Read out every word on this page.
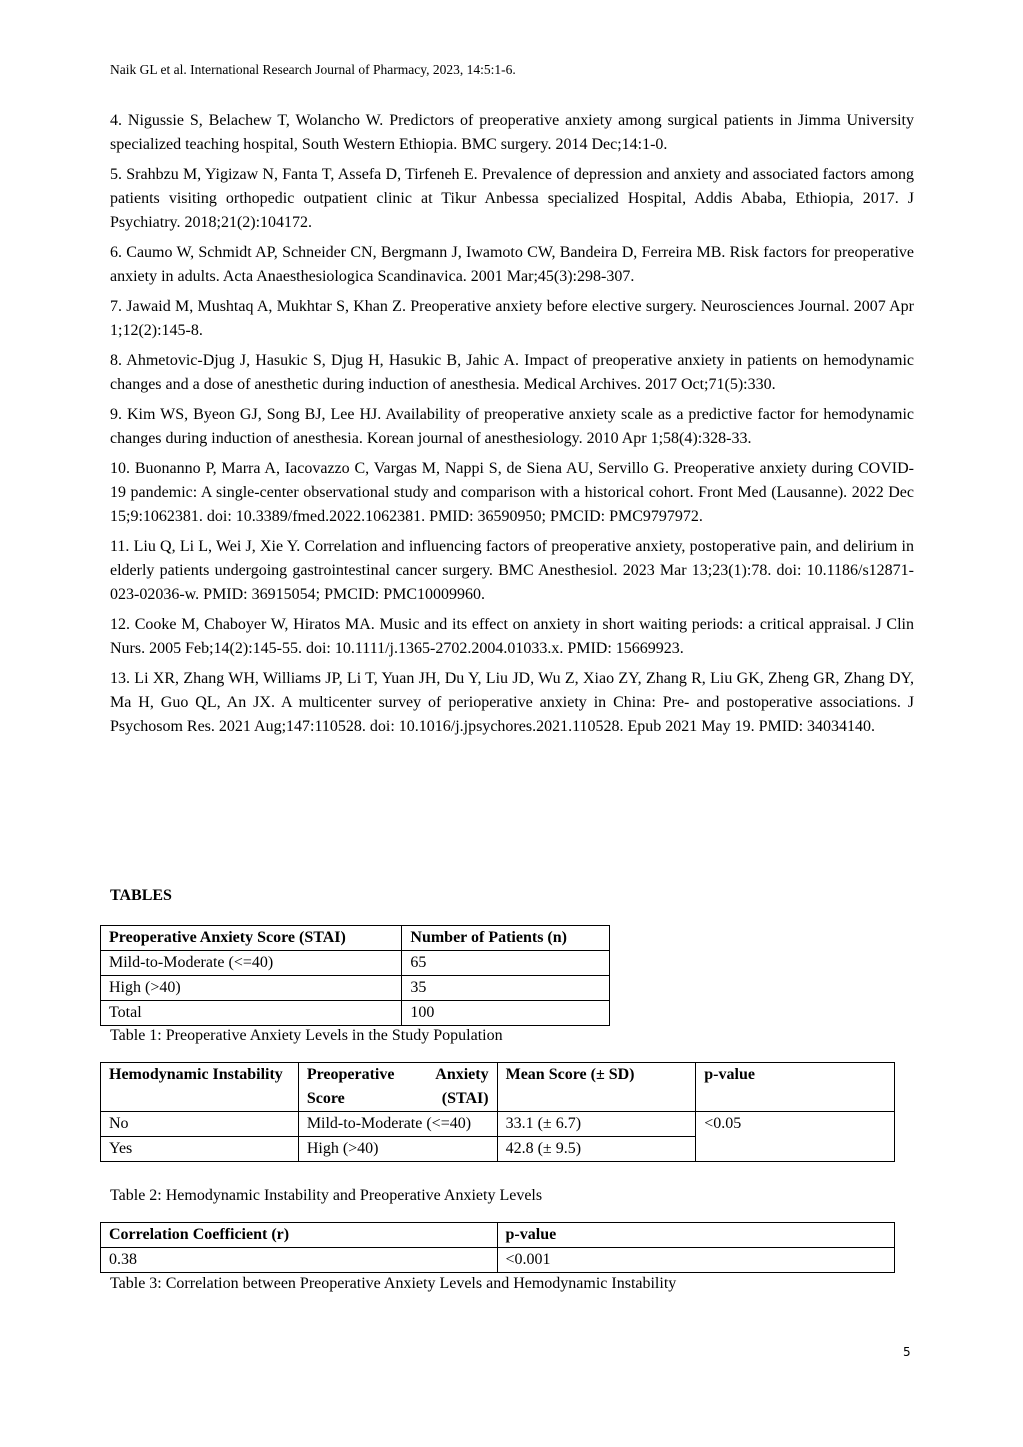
Naik GL et al. International Research Journal of Pharmacy, 2023, 14:5:1-6.

4. Nigussie S, Belachew T, Wolancho W. Predictors of preoperative anxiety among surgical patients in Jimma University specialized teaching hospital, South Western Ethiopia. BMC surgery. 2014 Dec;14:1-0.

5. Srahbzu M, Yigizaw N, Fanta T, Assefa D, Tirfeneh E. Prevalence of depression and anxiety and associated factors among patients visiting orthopedic outpatient clinic at Tikur Anbessa specialized Hospital, Addis Ababa, Ethiopia, 2017. J Psychiatry. 2018;21(2):104172.

6. Caumo W, Schmidt AP, Schneider CN, Bergmann J, Iwamoto CW, Bandeira D, Ferreira MB. Risk factors for preoperative anxiety in adults. Acta Anaesthesiologica Scandinavica. 2001 Mar;45(3):298-307.

7. Jawaid M, Mushtaq A, Mukhtar S, Khan Z. Preoperative anxiety before elective surgery. Neurosciences Journal. 2007 Apr 1;12(2):145-8.

8. Ahmetovic-Djug J, Hasukic S, Djug H, Hasukic B, Jahic A. Impact of preoperative anxiety in patients on hemodynamic changes and a dose of anesthetic during induction of anesthesia. Medical Archives. 2017 Oct;71(5):330.

9. Kim WS, Byeon GJ, Song BJ, Lee HJ. Availability of preoperative anxiety scale as a predictive factor for hemodynamic changes during induction of anesthesia. Korean journal of anesthesiology. 2010 Apr 1;58(4):328-33.

10. Buonanno P, Marra A, Iacovazzo C, Vargas M, Nappi S, de Siena AU, Servillo G. Preoperative anxiety during COVID-19 pandemic: A single-center observational study and comparison with a historical cohort. Front Med (Lausanne). 2022 Dec 15;9:1062381. doi: 10.3389/fmed.2022.1062381. PMID: 36590950; PMCID: PMC9797972.

11. Liu Q, Li L, Wei J, Xie Y. Correlation and influencing factors of preoperative anxiety, postoperative pain, and delirium in elderly patients undergoing gastrointestinal cancer surgery. BMC Anesthesiol. 2023 Mar 13;23(1):78. doi: 10.1186/s12871-023-02036-w. PMID: 36915054; PMCID: PMC10009960.

12. Cooke M, Chaboyer W, Hiratos MA. Music and its effect on anxiety in short waiting periods: a critical appraisal. J Clin Nurs. 2005 Feb;14(2):145-55. doi: 10.1111/j.1365-2702.2004.01033.x. PMID: 15669923.

13. Li XR, Zhang WH, Williams JP, Li T, Yuan JH, Du Y, Liu JD, Wu Z, Xiao ZY, Zhang R, Liu GK, Zheng GR, Zhang DY, Ma H, Guo QL, An JX. A multicenter survey of perioperative anxiety in China: Pre- and postoperative associations. J Psychosom Res. 2021 Aug;147:110528. doi: 10.1016/j.jpsychores.2021.110528. Epub 2021 May 19. PMID: 34034140.

TABLES
Preoperative Anxiety Score (STAI)	Number of Patients (n)
Mild-to-Moderate (<=40)	65
High (>40)	35
Total	100
Table 1: Preoperative Anxiety Levels in the Study Population
Hemodynamic Instability	Preoperative Anxiety Score (STAI)	Mean Score (± SD)	p-value
No	Mild-to-Moderate (<=40)	33.1 (± 6.7)	<0.05
Yes	High (>40)	42.8 (± 9.5)	
Table 2: Hemodynamic Instability and Preoperative Anxiety Levels
Correlation Coefficient (r)	p-value
0.38	<0.001
Table 3: Correlation between Preoperative Anxiety Levels and Hemodynamic Instability
5
